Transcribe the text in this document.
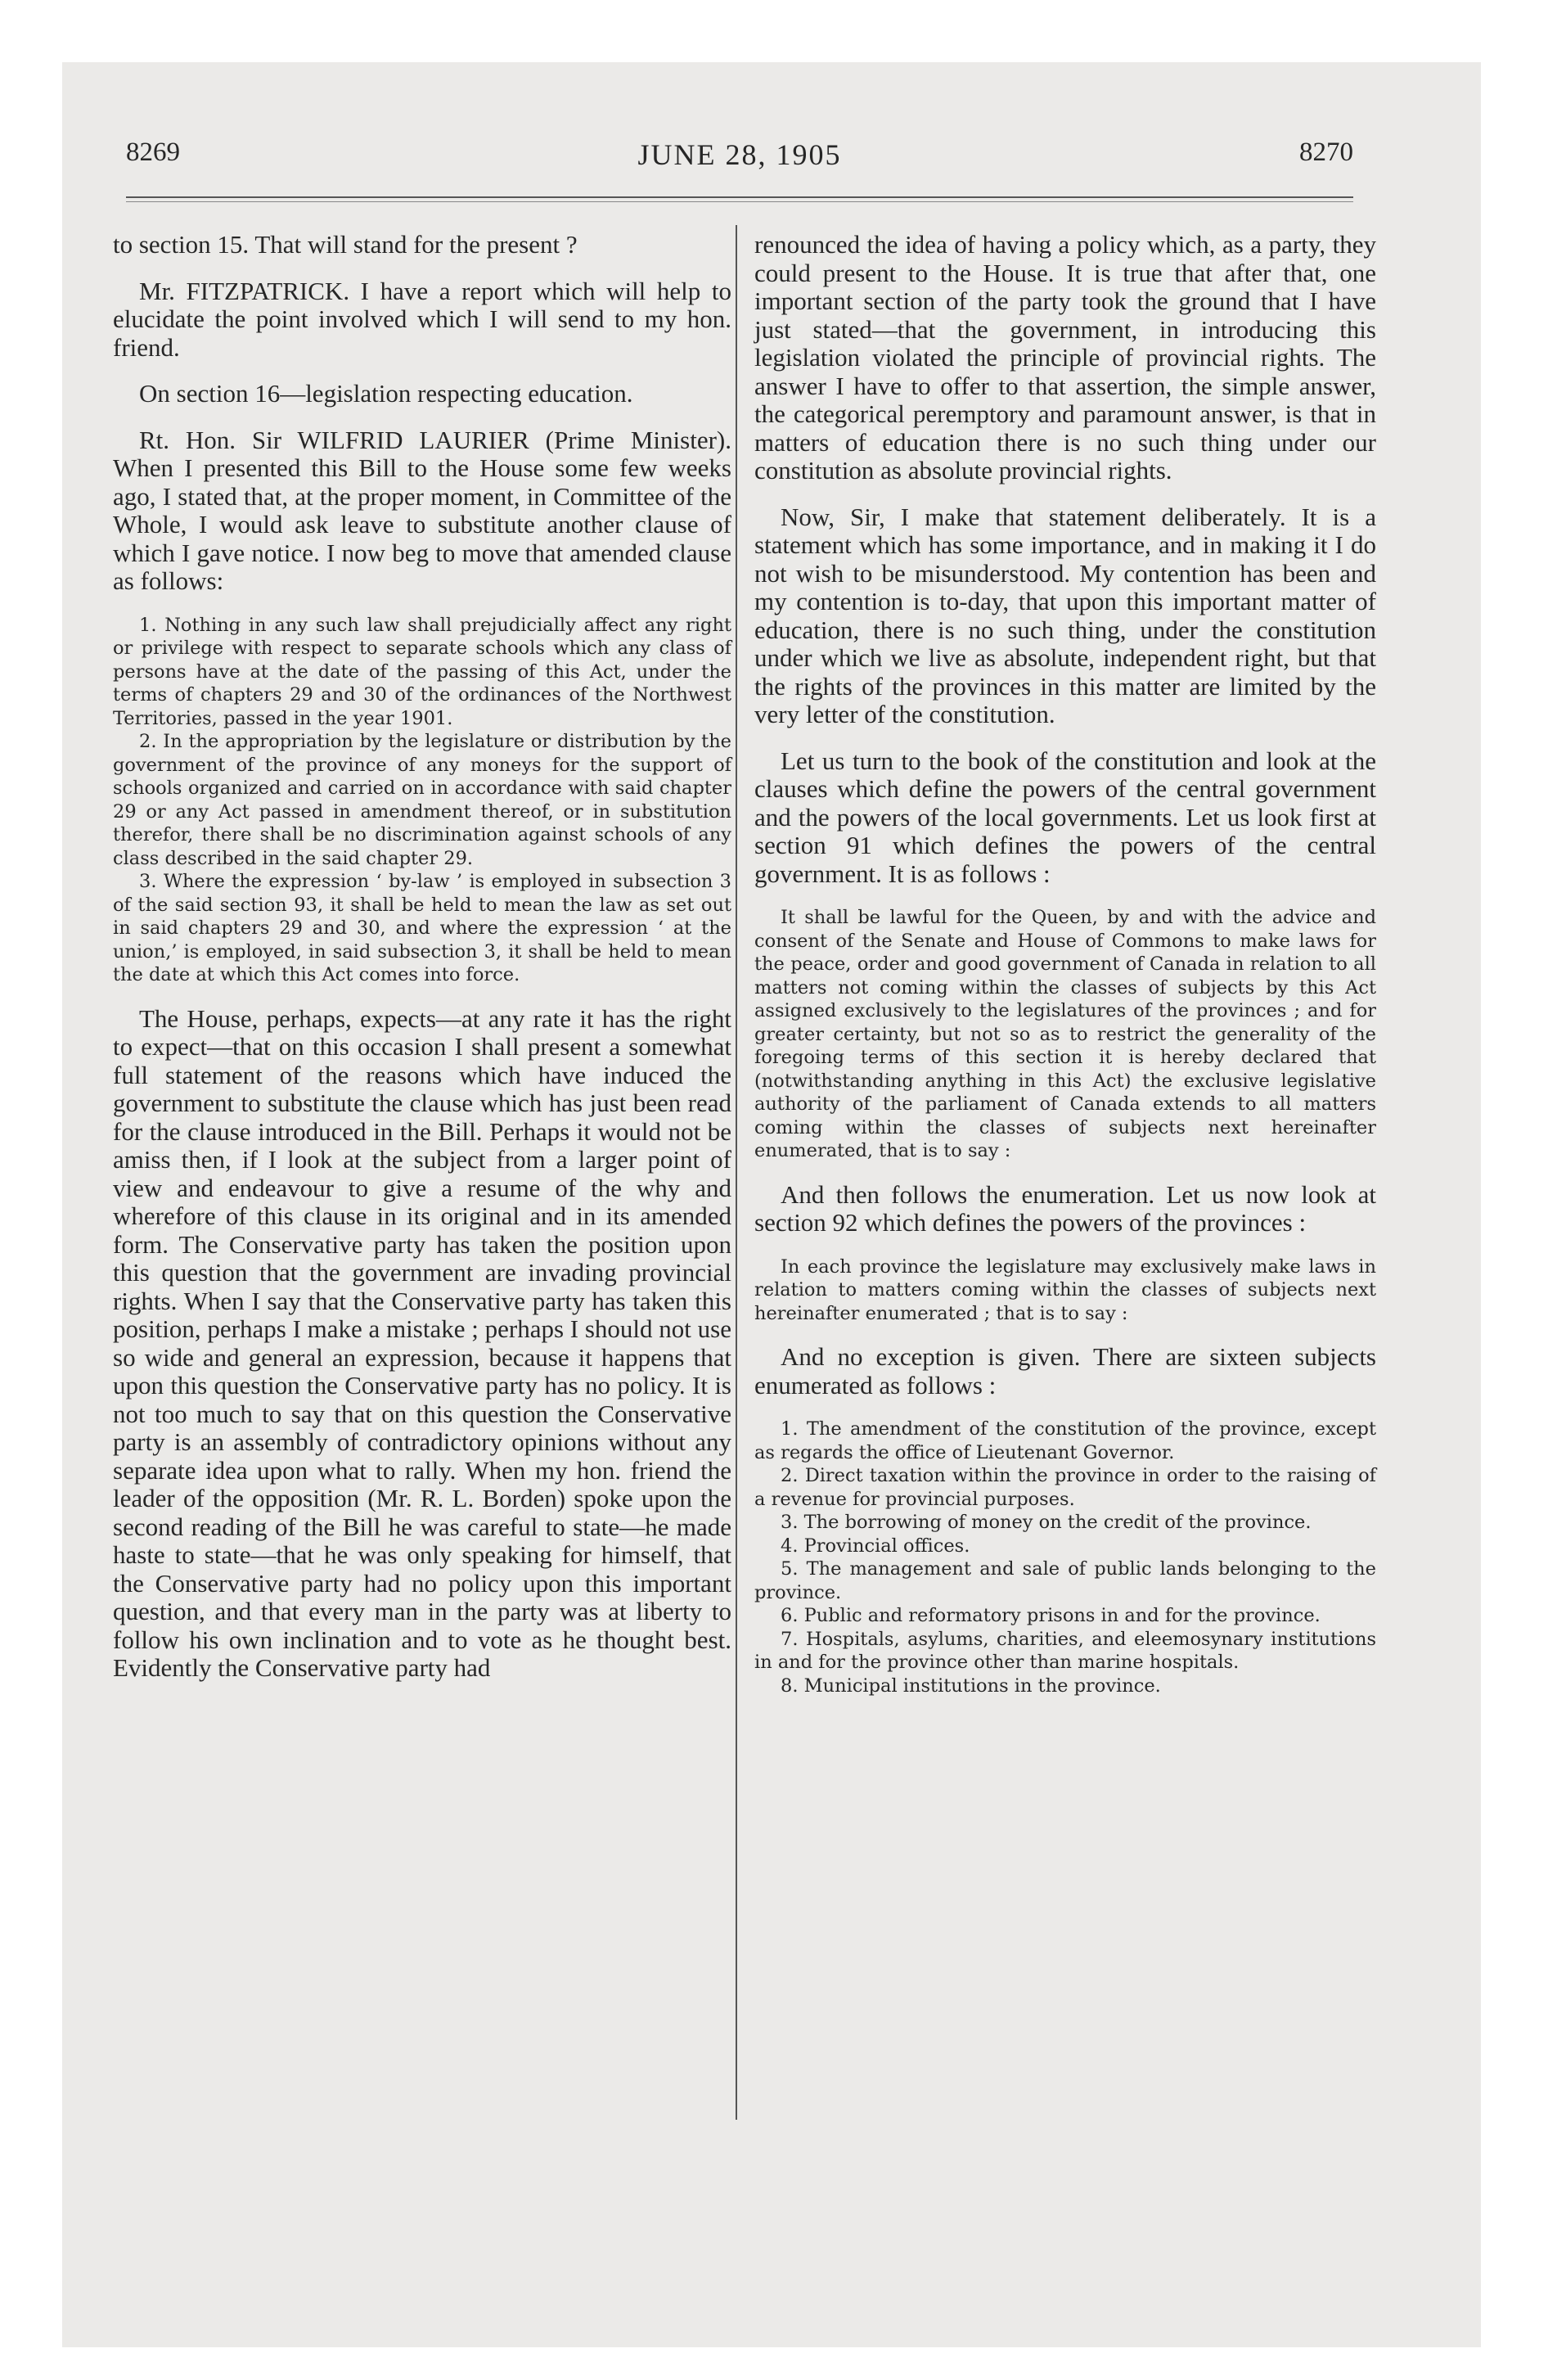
8269	JUNE 28, 1905	8270

to section 15. That will stand for the present ?

Mr. FITZPATRICK. I have a report which will help to elucidate the point involved which I will send to my hon. friend.

On section 16—legislation respecting education.

Rt. Hon. Sir WILFRID LAURIER (Prime Minister). When I presented this Bill to the House some few weeks ago, I stated that, at the proper moment, in Committee of the Whole, I would ask leave to substitute another clause of which I gave notice. I now beg to move that amended clause as follows:

1. Nothing in any such law shall prejudicially affect any right or privilege with respect to separate schools which any class of persons have at the date of the passing of this Act, under the terms of chapters 29 and 30 of the ordinances of the Northwest Territories, passed in the year 1901.

2. In the appropriation by the legislature or distribution by the government of the province of any moneys for the support of schools organized and carried on in accordance with said chapter 29 or any Act passed in amendment thereof, or in substitution therefor, there shall be no discrimination against schools of any class described in the said chapter 29.

3. Where the expression ‘ by-law ’ is employed in subsection 3 of the said section 93, it shall be held to mean the law as set out in said chapters 29 and 30, and where the expression ‘ at the union,’ is employed, in said subsection 3, it shall be held to mean the date at which this Act comes into force.

The House, perhaps, expects—at any rate it has the right to expect—that on this occasion I shall present a somewhat full statement of the reasons which have induced the government to substitute the clause which has just been read for the clause introduced in the Bill. Perhaps it would not be amiss then, if I look at the subject from a larger point of view and endeavour to give a resume of the why and wherefore of this clause in its original and in its amended form. The Conservative party has taken the position upon this question that the government are invading provincial rights. When I say that the Conservative party has taken this position, perhaps I make a mistake ; perhaps I should not use so wide and general an expression, because it happens that upon this question the Conservative party has no policy. It is not too much to say that on this question the Conservative party is an assembly of contradictory opinions without any separate idea upon what to rally. When my hon. friend the leader of the opposition (Mr. R. L. Borden) spoke upon the second reading of the Bill he was careful to state—he made haste to state—that he was only speaking for himself, that the Conservative party had no policy upon this important question, and that every man in the party was at liberty to follow his own inclination and to vote as he thought best. Evidently the Conservative party had

renounced the idea of having a policy which, as a party, they could present to the House. It is true that after that, one important section of the party took the ground that I have just stated—that the government, in introducing this legislation violated the principle of provincial rights. The answer I have to offer to that assertion, the simple answer, the categorical peremptory and paramount answer, is that in matters of education there is no such thing under our constitution as absolute provincial rights.

Now, Sir, I make that statement deliberately. It is a statement which has some importance, and in making it I do not wish to be misunderstood. My contention has been and my contention is to-day, that upon this important matter of education, there is no such thing, under the constitution under which we live as absolute, independent right, but that the rights of the provinces in this matter are limited by the very letter of the constitution.

Let us turn to the book of the constitution and look at the clauses which define the powers of the central government and the powers of the local governments. Let us look first at section 91 which defines the powers of the central government. It is as follows :

It shall be lawful for the Queen, by and with the advice and consent of the Senate and House of Commons to make laws for the peace, order and good government of Canada in relation to all matters not coming within the classes of subjects by this Act assigned exclusively to the legislatures of the provinces ; and for greater certainty, but not so as to restrict the generality of the foregoing terms of this section it is hereby declared that (notwithstanding anything in this Act) the exclusive legislative authority of the parliament of Canada extends to all matters coming within the classes of subjects next hereinafter enumerated, that is to say :

And then follows the enumeration. Let us now look at section 92 which defines the powers of the provinces :

In each province the legislature may exclusively make laws in relation to matters coming within the classes of subjects next hereinafter enumerated ; that is to say :

And no exception is given. There are sixteen subjects enumerated as follows :

1. The amendment of the constitution of the province, except as regards the office of Lieutenant Governor.

2. Direct taxation within the province in order to the raising of a revenue for provincial purposes.

3. The borrowing of money on the credit of the province.

4. Provincial offices.

5. The management and sale of public lands belonging to the province.

6. Public and reformatory prisons in and for the province.

7. Hospitals, asylums, charities, and eleemosynary institutions in and for the province other than marine hospitals.

8. Municipal institutions in the province.
